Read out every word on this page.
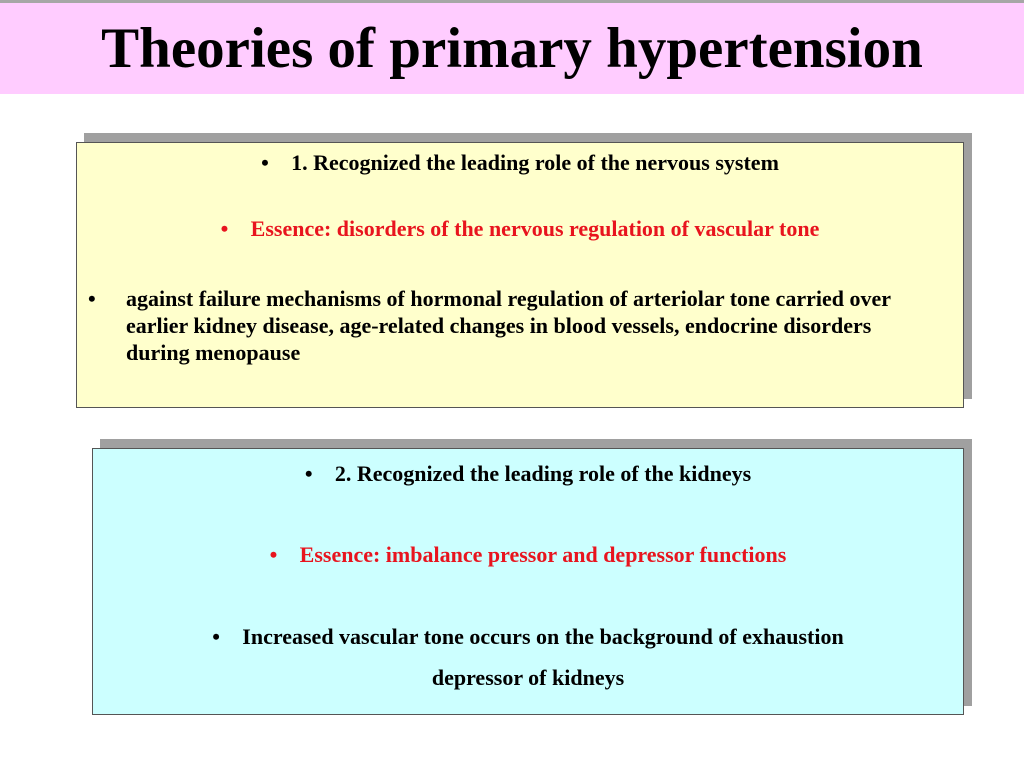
Theories of primary hypertension
• 1. Recognized the leading role of the nervous system
• Essence: disorders of the nervous regulation of vascular tone
• against failure mechanisms of hormonal regulation of arteriolar tone carried over earlier kidney disease, age-related changes in blood vessels, endocrine disorders during menopause
• 2. Recognized the leading role of the kidneys
• Essence: imbalance pressor and depressor functions
• Increased vascular tone occurs on the background of exhaustion
depressor of kidneys
